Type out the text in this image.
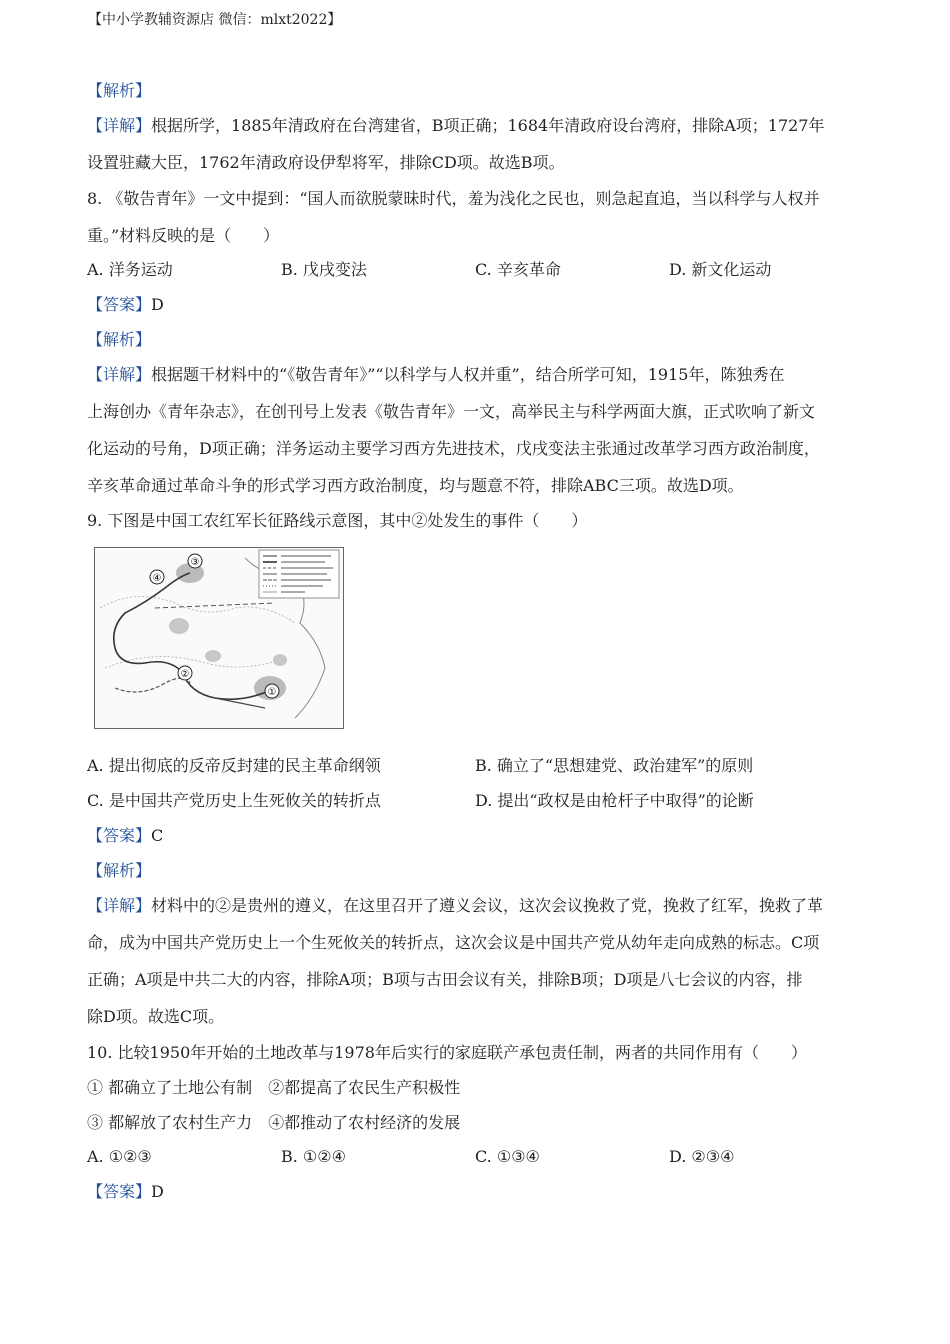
【中小学教辅资源店 微信：mlxt2022】
【解析】
【详解】根据所学，1885年清政府在台湾建省，B项正确；1684年清政府设台湾府，排除A项；1727年
设置驻藏大臣，1762年清政府设伊犁将军，排除CD项。故选B项。
8. 《敬告青年》一文中提到：“国人而欲脱蒙昧时代，羞为浅化之民也，则急起直追，当以科学与人权并
重。”材料反映的是（　　）
A. 洋务运动	B. 戊戌变法	C. 辛亥革命	D. 新文化运动
【答案】D
【解析】
【详解】根据题干材料中的“《敬告青年》”“以科学与人权并重”，结合所学可知，1915年，陈独秀在
上海创办《青年杂志》，在创刊号上发表《敬告青年》一文，高举民主与科学两面大旗，正式吹响了新文
化运动的号角，D项正确；洋务运动主要学习西方先进技术，戊戌变法主张通过改革学习西方政治制度，
辛亥革命通过革命斗争的形式学习西方政治制度，均与题意不符，排除ABC三项。故选D项。
9. 下图是中国工农红军长征路线示意图，其中②处发生的事件（　　）
③
④
②
①
A. 提出彻底的反帝反封建的民主革命纲领	B. 确立了“思想建党、政治建军”的原则
C. 是中国共产党历史上生死攸关的转折点	D. 提出“政权是由枪杆子中取得”的论断
【答案】C
【解析】
【详解】材料中的②是贵州的遵义，在这里召开了遵义会议，这次会议挽救了党，挽救了红军，挽救了革
命，成为中国共产党历史上一个生死攸关的转折点，这次会议是中国共产党从幼年走向成熟的标志。C项
正确；A项是中共二大的内容，排除A项；B项与古田会议有关，排除B项；D项是八七会议的内容，排
除D项。故选C项。
10. 比较1950年开始的土地改革与1978年后实行的家庭联产承包责任制，两者的共同作用有（　　）
① 都确立了土地公有制　②都提高了农民生产积极性
③ 都解放了农村生产力　④都推动了农村经济的发展
A. ①②③	B. ①②④	C. ①③④	D. ②③④
【答案】D
